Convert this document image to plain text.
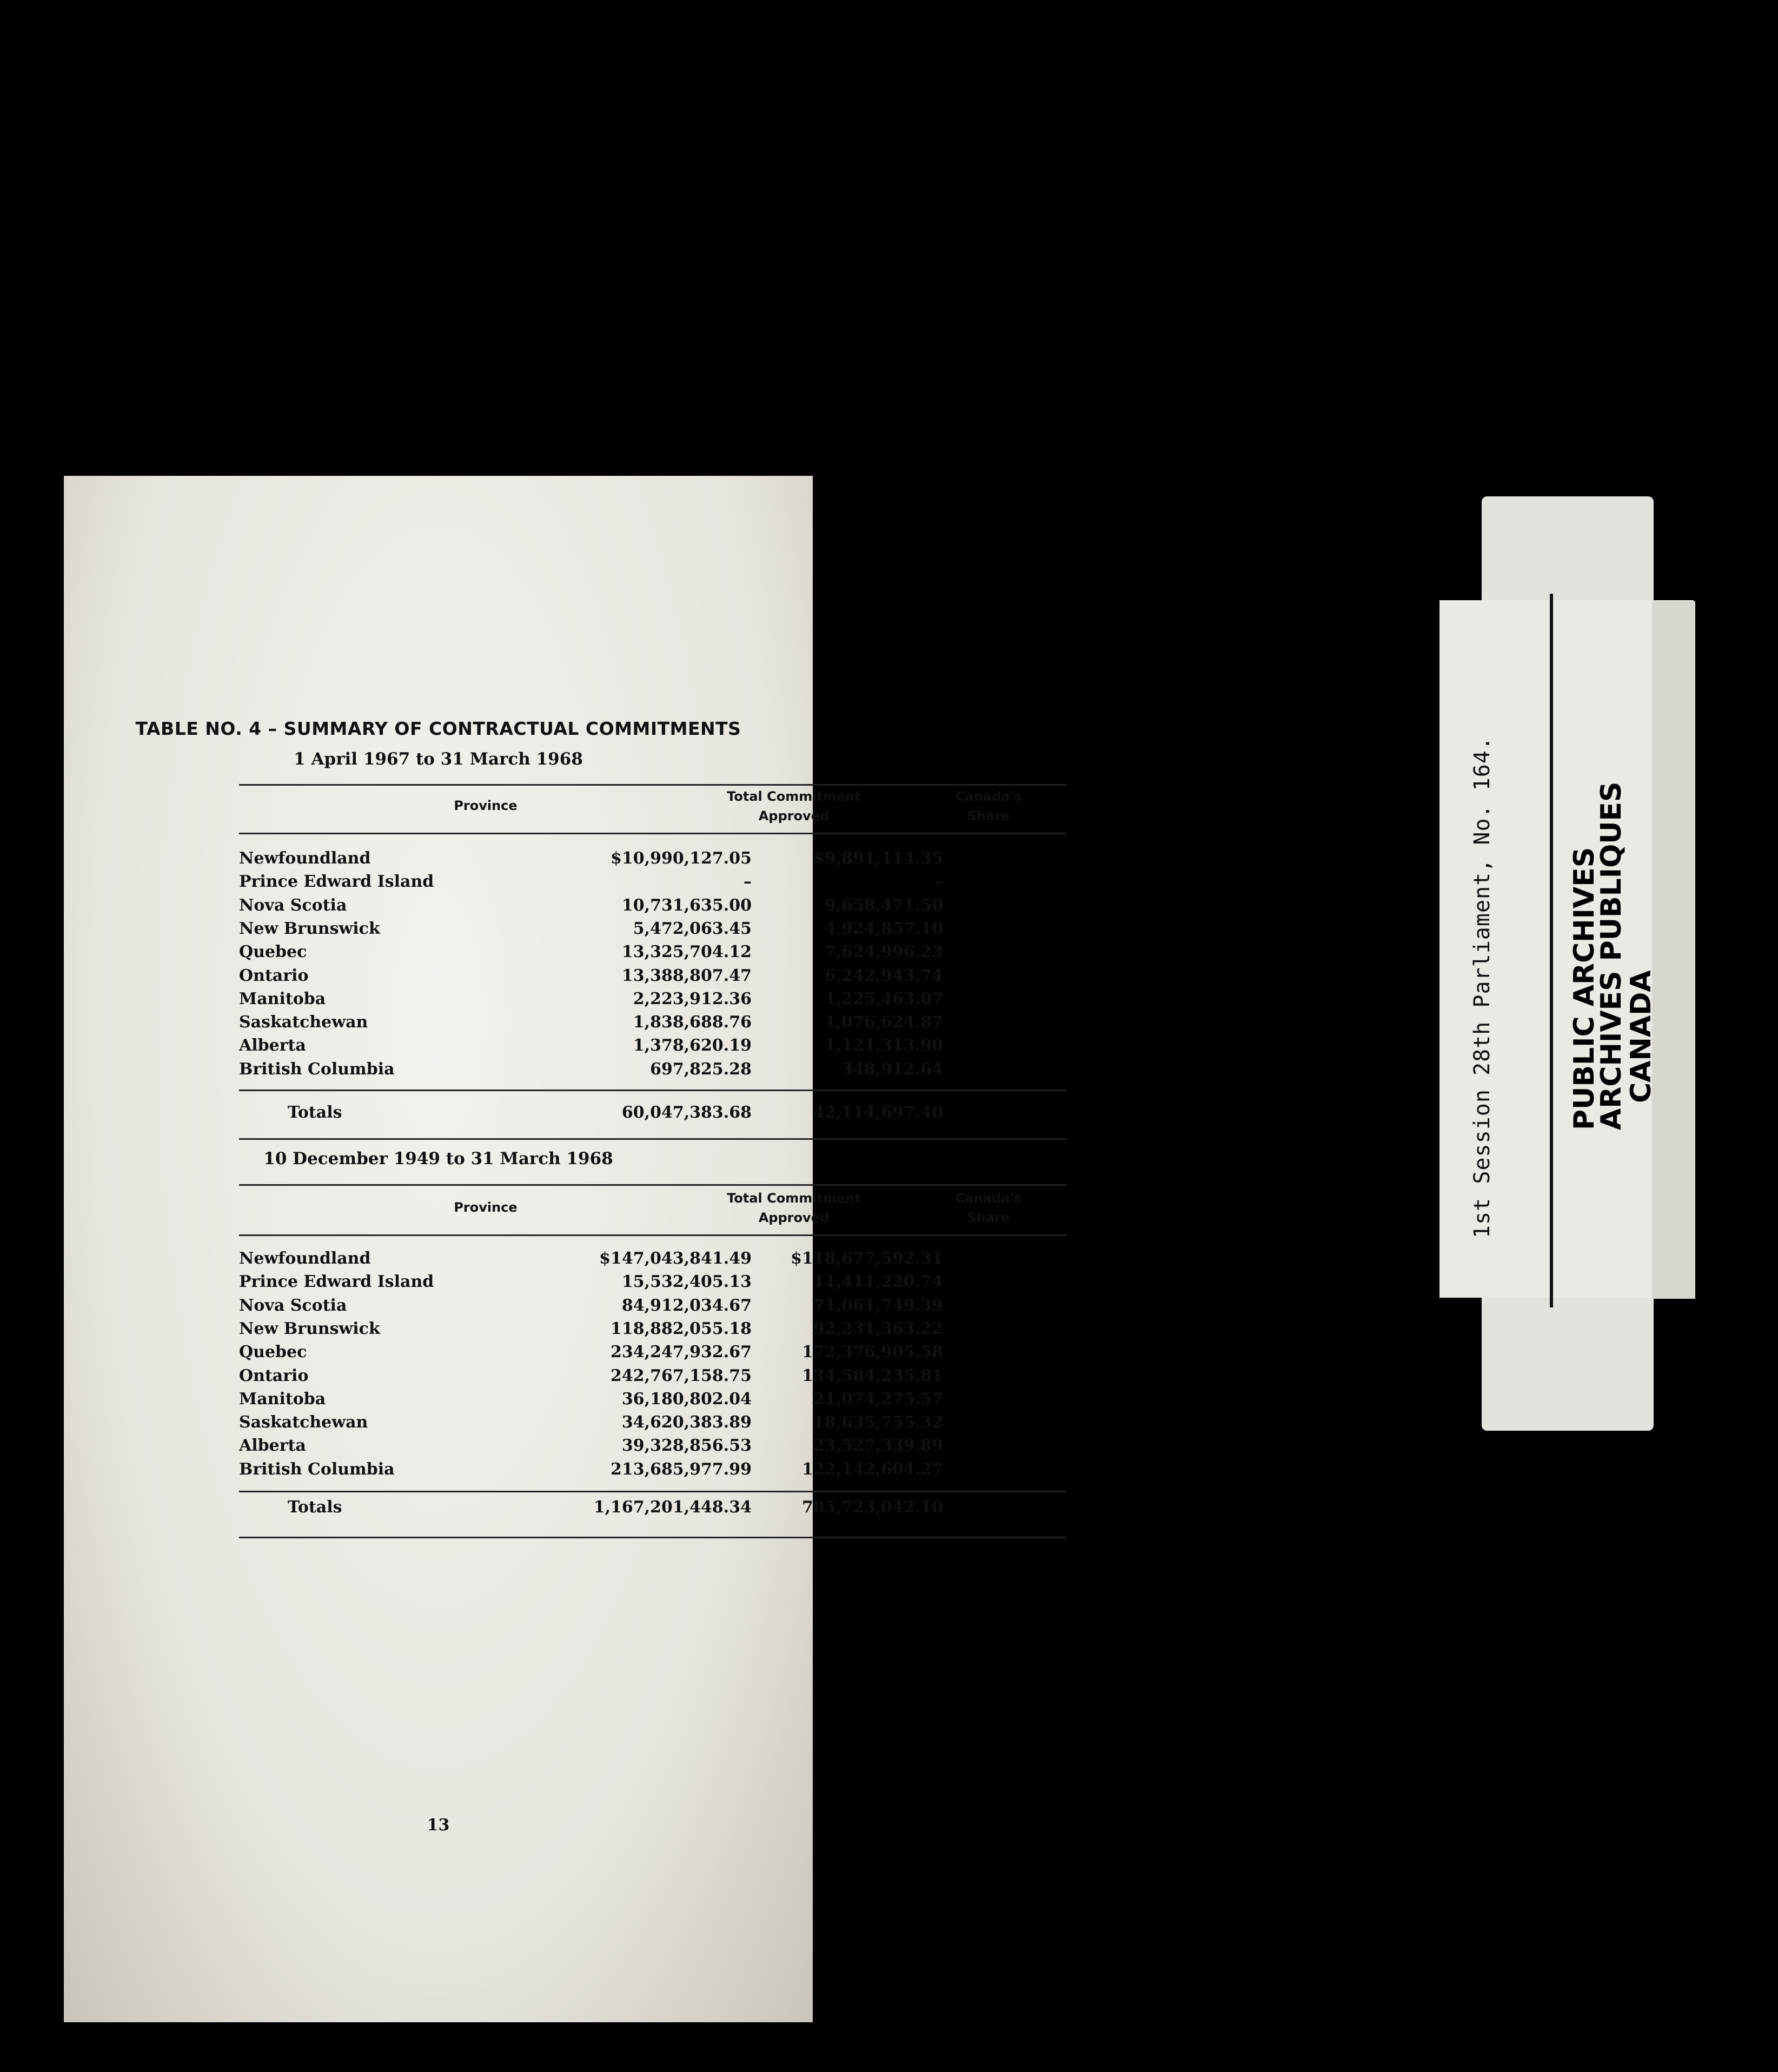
TABLE NO. 4 – SUMMARY OF CONTRACTUAL COMMITMENTS
1 April 1967 to 31 March 1968
Province
Total Commitment
Approved
Canada's
Share
Newfoundland	$10,990,127.05	$9,891,114.35
Prince Edward Island	–	–
Nova Scotia	10,731,635.00	9,658,471.50
New Brunswick	5,472,063.45	4,924,857.10
Quebec	13,325,704.12	7,624,996.23
Ontario	13,388,807.47	6,242,943.74
Manitoba	2,223,912.36	1,225,463.07
Saskatchewan	1,838,688.76	1,076,624.87
Alberta	1,378,620.19	1,121,313.90
British Columbia	697,825.28	348,912.64
Totals	60,047,383.68	42,114,697.40
10 December 1949 to 31 March 1968
Province
Total Commitment
Approved
Canada's
Share
Newfoundland	$147,043,841.49 $118,677,592.31
Prince Edward Island	15,532,405.13	11,411,220.74
Nova Scotia	84,912,034.67	71,061,749.39
New Brunswick	118,882,055.18	92,231,363.22
Quebec	234,247,932.67	172,376,905.58
Ontario	242,767,158.75	134,584,235.81
Manitoba	36,180,802.04	21,074,275.57
Saskatchewan	34,620,383.89	18,635,755.32
Alberta	39,328,856.53	23,527,339.89
British Columbia	213,685,977.99	122,142,604.27
Totals	1,167,201,448.34	785,723,042.10
13
1st Session 28th Parliament, No. 164.	PUBLIC ARCHIVES
ARCHIVES PUBLIQUES
CANADA
